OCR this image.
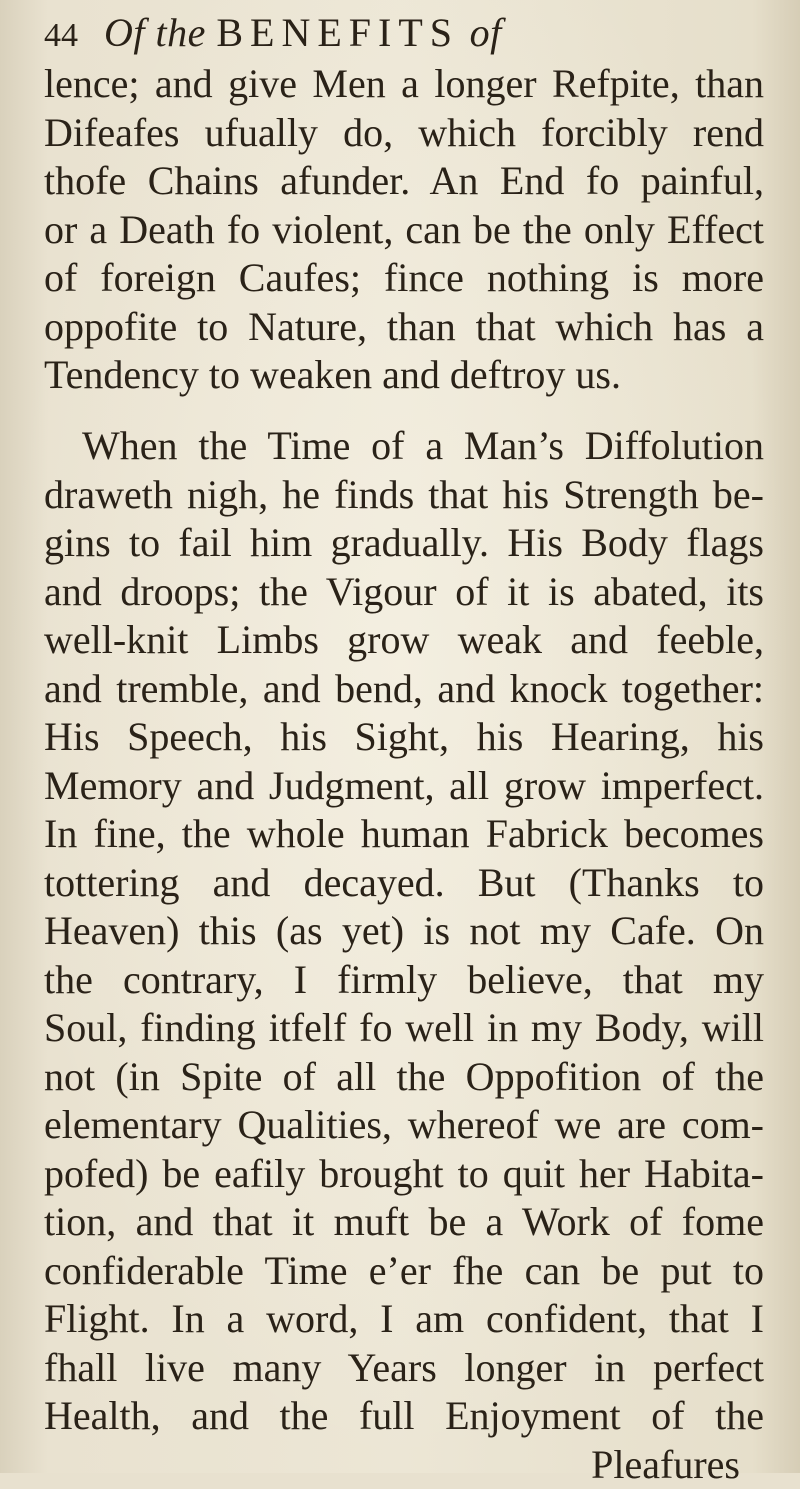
44 Of the BENEFITS of
lence; and give Men a longer Refpite, than
Difeafes ufually do, which forcibly rend
thofe Chains afunder. An End fo painful,
or a Death fo violent, can be the only Effect
of foreign Caufes; fince nothing is more
oppofite to Nature, than that which has a
Tendency to weaken and deftroy us.
When the Time of a Man’s Diffolution
draweth nigh, he finds that his Strength be-
gins to fail him gradually. His Body flags
and droops; the Vigour of it is abated, its
well-knit Limbs grow weak and feeble,
and tremble, and bend, and knock together:
His Speech, his Sight, his Hearing, his
Memory and Judgment, all grow imperfect.
In fine, the whole human Fabrick becomes
tottering and decayed. But (Thanks to
Heaven) this (as yet) is not my Cafe. On
the contrary, I firmly believe, that my
Soul, finding itfelf fo well in my Body, will
not (in Spite of all the Oppofition of the
elementary Qualities, whereof we are com-
pofed) be eafily brought to quit her Habita-
tion, and that it muft be a Work of fome
confiderable Time e’er fhe can be put to
Flight. In a word, I am confident, that I
fhall live many Years longer in perfect
Health, and the full Enjoyment of the
Pleafures
